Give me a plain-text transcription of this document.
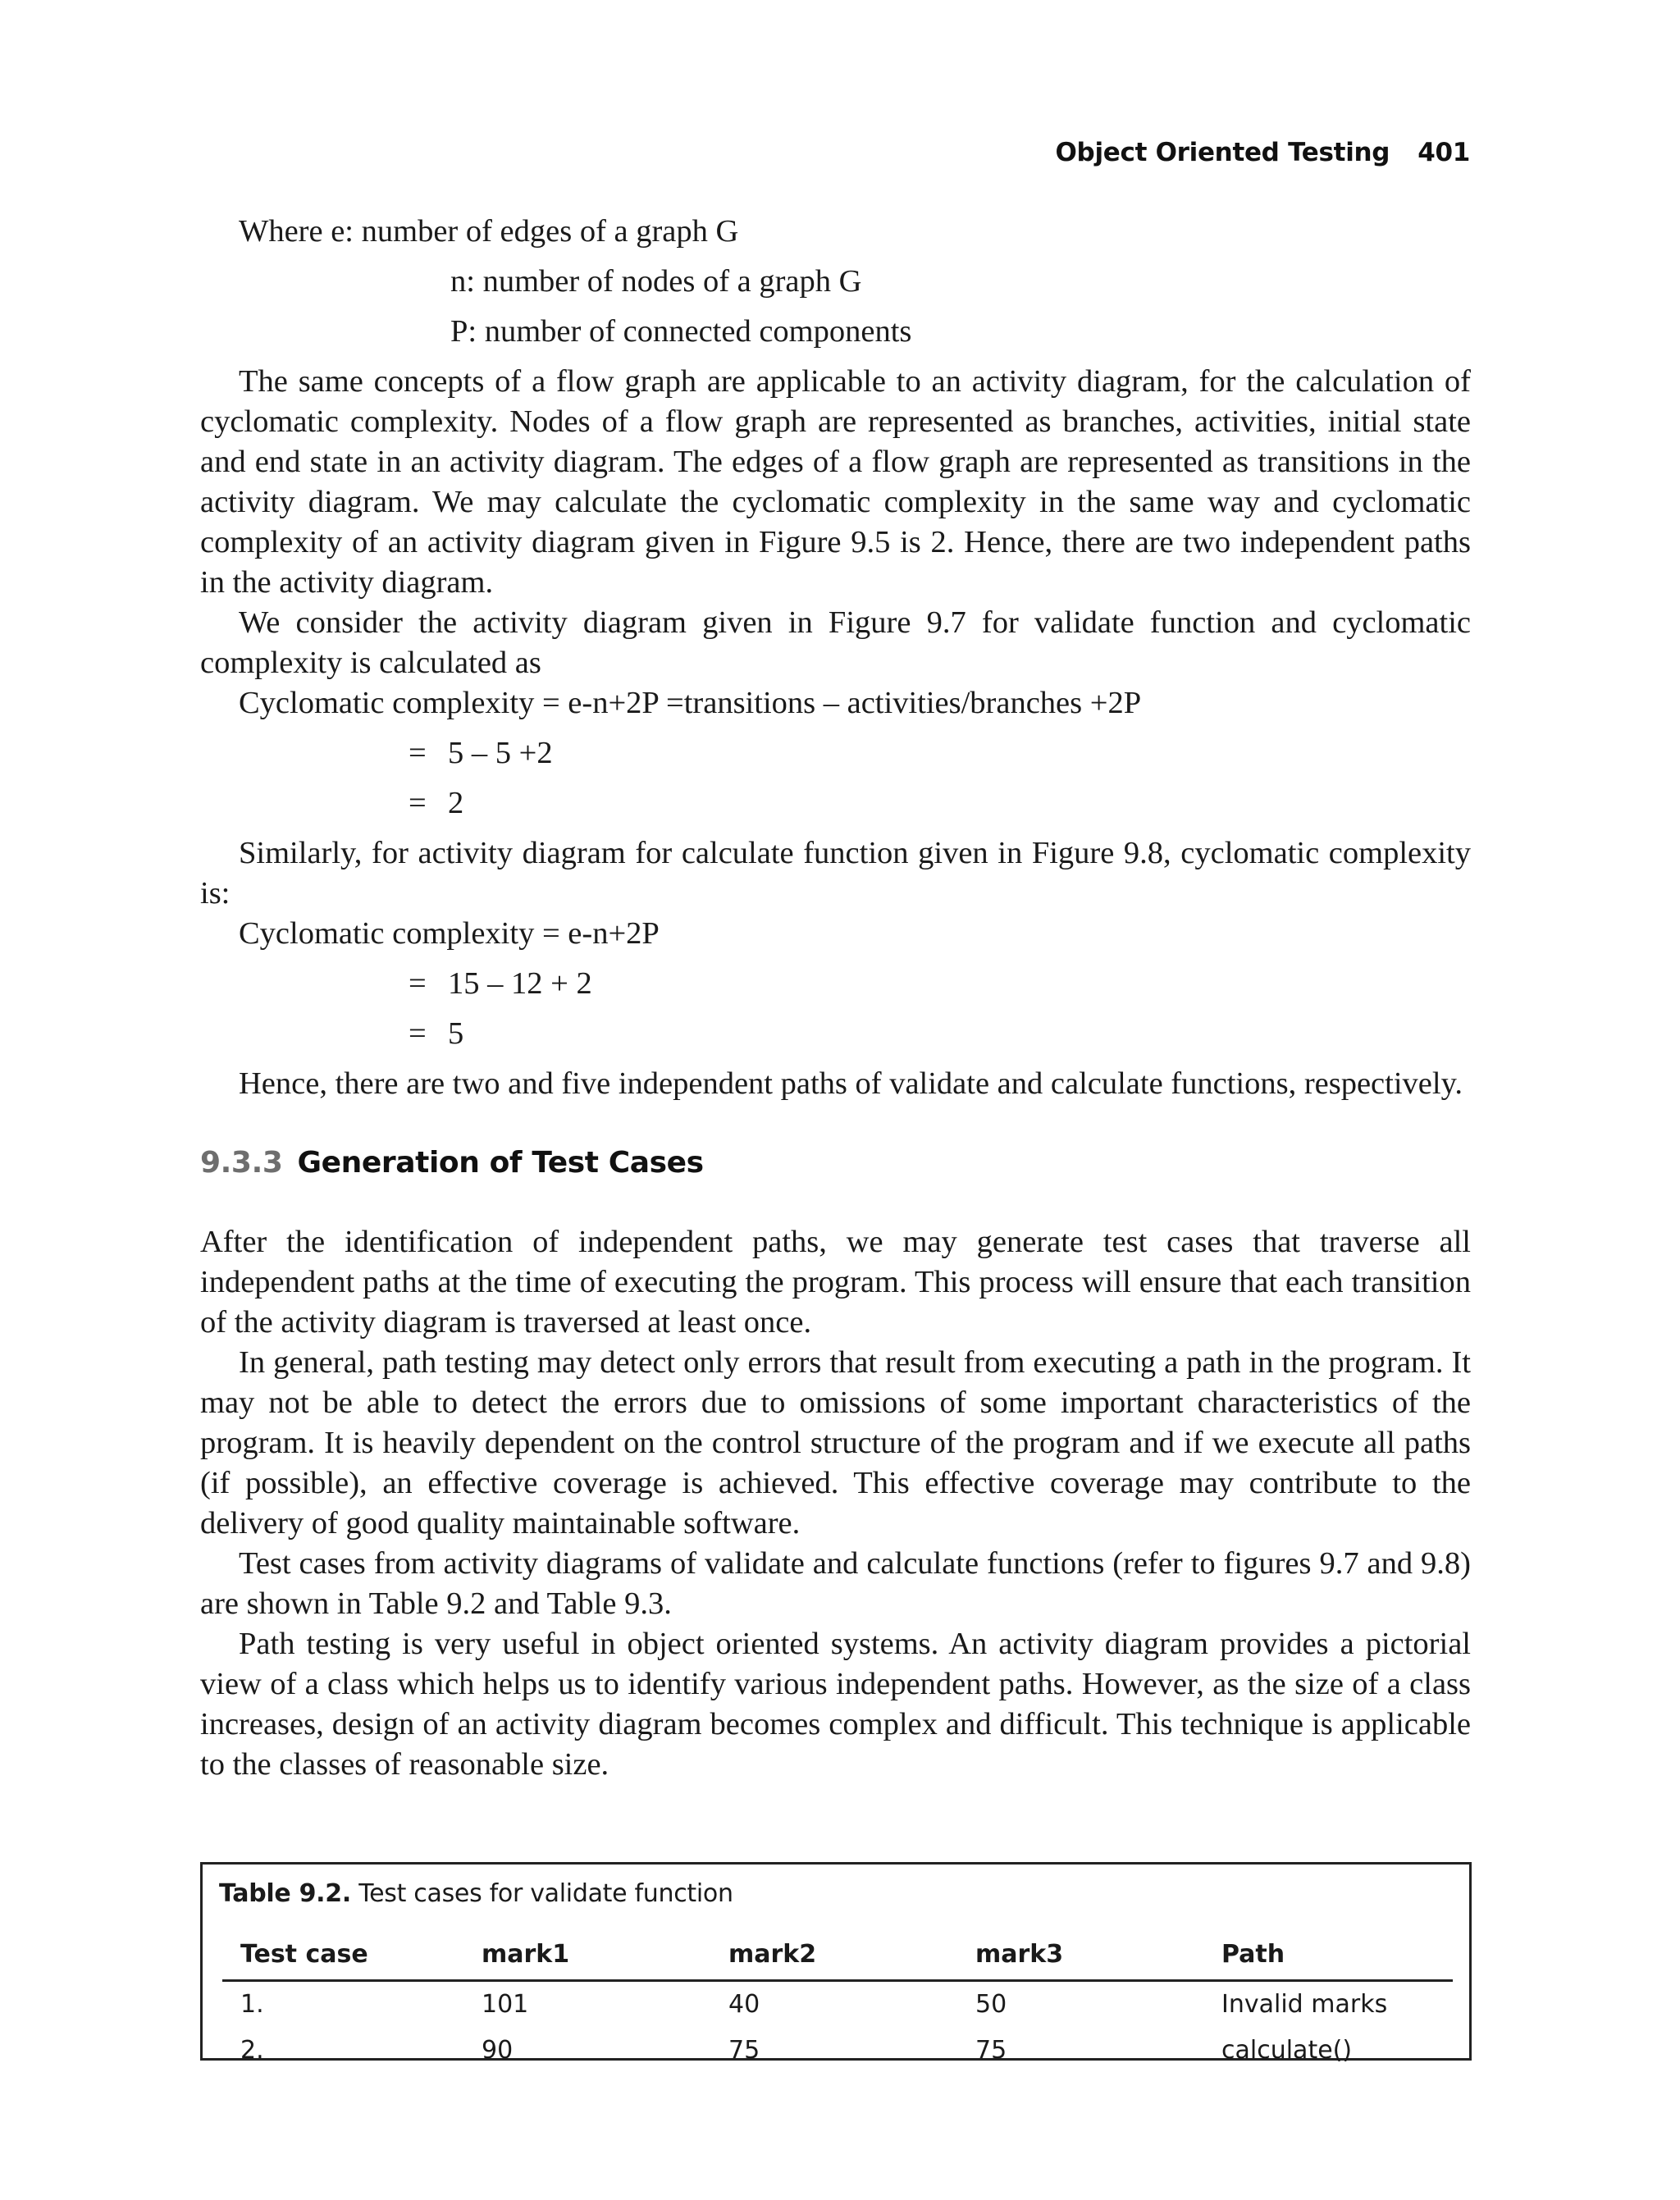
Object Oriented Testing 401
Where e: number of edges of a graph G
n: number of nodes of a graph G
P: number of connected components

The same concepts of a flow graph are applicable to an activity diagram, for the calculation of cyclomatic complexity. Nodes of a flow graph are represented as branches, activities, initial state and end state in an activity diagram. The edges of a flow graph are represented as transitions in the activity diagram. We may calculate the cyclomatic complexity in the same way and cyclomatic complexity of an activity diagram given in Figure 9.5 is 2. Hence, there are two independent paths in the activity diagram.

We consider the activity diagram given in Figure 9.7 for validate function and cyclomatic complexity is calculated as

Cyclomatic complexity = e-n+2P =transitions – activities/branches +2P
= 5 – 5 +2
= 2

Similarly, for activity diagram for calculate function given in Figure 9.8, cyclomatic complexity is:

Cyclomatic complexity = e-n+2P
= 15 – 12 + 2
= 5

Hence, there are two and five independent paths of validate and calculate functions, respectively.

9.3.3 Generation of Test Cases

After the identification of independent paths, we may generate test cases that traverse all independent paths at the time of executing the program. This process will ensure that each transition of the activity diagram is traversed at least once.

In general, path testing may detect only errors that result from executing a path in the program. It may not be able to detect the errors due to omissions of some important characteristics of the program. It is heavily dependent on the control structure of the program and if we execute all paths (if possible), an effective coverage is achieved. This effective coverage may contribute to the delivery of good quality maintainable software.

Test cases from activity diagrams of validate and calculate functions (refer to figures 9.7 and 9.8) are shown in Table 9.2 and Table 9.3.

Path testing is very useful in object oriented systems. An activity diagram provides a pictorial view of a class which helps us to identify various independent paths. However, as the size of a class increases, design of an activity diagram becomes complex and difficult. This technique is applicable to the classes of reasonable size.

Table 9.2. Test cases for validate function
Test case	mark1	mark2	mark3	Path
1.	101	40	50	Invalid marks
2.	90	75	75	calculate()
